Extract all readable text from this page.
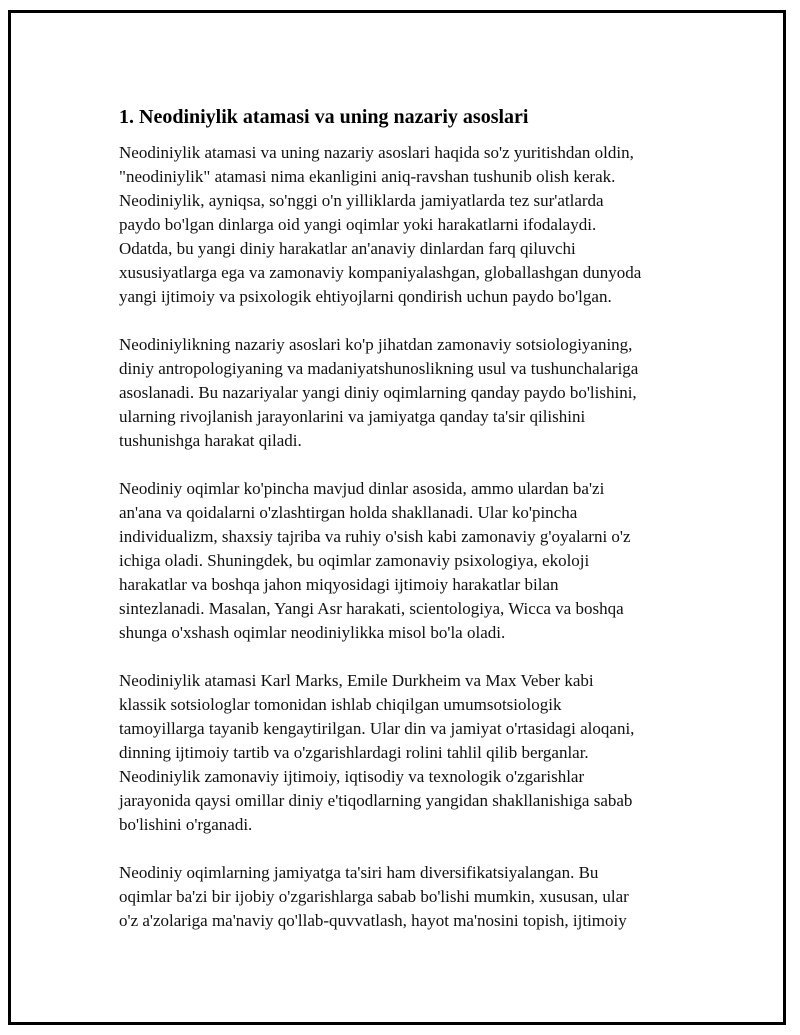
1. Neodiniylik atamasi va uning nazariy asoslari

Neodiniylik atamasi va uning nazariy asoslari haqida so'z yuritishdan oldin,
"neodiniylik" atamasi nima ekanligini aniq-ravshan tushunib olish kerak.
Neodiniylik, ayniqsa, so'nggi o'n yilliklarda jamiyatlarda tez sur'atlarda
paydo bo'lgan dinlarga oid yangi oqimlar yoki harakatlarni ifodalaydi.
Odatda, bu yangi diniy harakatlar an'anaviy dinlardan farq qiluvchi
xususiyatlarga ega va zamonaviy kompaniyalashgan, globallashgan dunyoda
yangi ijtimoiy va psixologik ehtiyojlarni qondirish uchun paydo bo'lgan.

Neodiniylikning nazariy asoslari ko'p jihatdan zamonaviy sotsiologiyaning,
diniy antropologiyaning va madaniyatshunoslikning usul va tushunchalariga
asoslanadi. Bu nazariyalar yangi diniy oqimlarning qanday paydo bo'lishini,
ularning rivojlanish jarayonlarini va jamiyatga qanday ta'sir qilishini
tushunishga harakat qiladi.

Neodiniy oqimlar ko'pincha mavjud dinlar asosida, ammo ulardan ba'zi
an'ana va qoidalarni o'zlashtirgan holda shakllanadi. Ular ko'pincha
individualizm, shaxsiy tajriba va ruhiy o'sish kabi zamonaviy g'oyalarni o'z
ichiga oladi. Shuningdek, bu oqimlar zamonaviy psixologiya, ekoloji
harakatlar va boshqa jahon miqyosidagi ijtimoiy harakatlar bilan
sintezlanadi. Masalan, Yangi Asr harakati, scientologiya, Wicca va boshqa
shunga o'xshash oqimlar neodiniylikka misol bo'la oladi.

Neodiniylik atamasi Karl Marks, Emile Durkheim va Max Veber kabi
klassik sotsiologlar tomonidan ishlab chiqilgan umumsotsiologik
tamoyillarga tayanib kengaytirilgan. Ular din va jamiyat o'rtasidagi aloqani,
dinning ijtimoiy tartib va o'zgarishlardagi rolini tahlil qilib berganlar.
Neodiniylik zamonaviy ijtimoiy, iqtisodiy va texnologik o'zgarishlar
jarayonida qaysi omillar diniy e'tiqodlarning yangidan shakllanishiga sabab
bo'lishini o'rganadi.

Neodiniy oqimlarning jamiyatga ta'siri ham diversifikatsiyalangan. Bu
oqimlar ba'zi bir ijobiy o'zgarishlarga sabab bo'lishi mumkin, xususan, ular
o'z a'zolariga ma'naviy qo'llab-quvvatlash, hayot ma'nosini topish, ijtimoiy
